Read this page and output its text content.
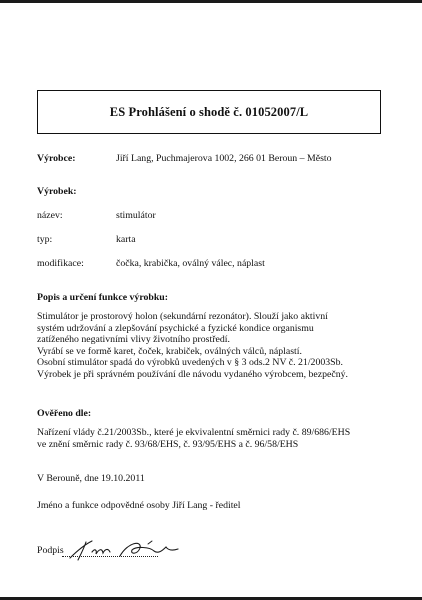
ES Prohlášení o shodě č. 01052007/L
Výrobce:	Jiří Lang, Puchmajerova 1002, 266 01 Beroun – Město
Výrobek:
název:	stimulátor
typ:	karta
modifikace:	čočka, krabička, oválný válec, náplast
Popis a určení funkce výrobku:
Stimulátor je prostorový holon (sekundární rezonátor). Slouží jako aktivní
systém udržování a zlepšování psychické a fyzické kondice organismu
zatíženého negativními vlivy životního prostředí.
Vyrábí se ve formě karet, čoček, krabiček, oválných válců, náplastí.
Osobní stimulátor spadá do výrobků uvedených v § 3 ods.2 NV č. 21/2003Sb.
Výrobek je při správném používání dle návodu vydaného výrobcem, bezpečný.
Ověřeno dle:
Nařízení vlády č.21/2003Sb., které je ekvivalentní směrnici rady č. 89/686/EHS
ve znění směrnic rady č. 93/68/EHS, č. 93/95/EHS a č. 96/58/EHS
V Berouně, dne 19.10.2011
Jméno a funkce odpovědné osoby Jiří Lang - ředitel
Podpis
